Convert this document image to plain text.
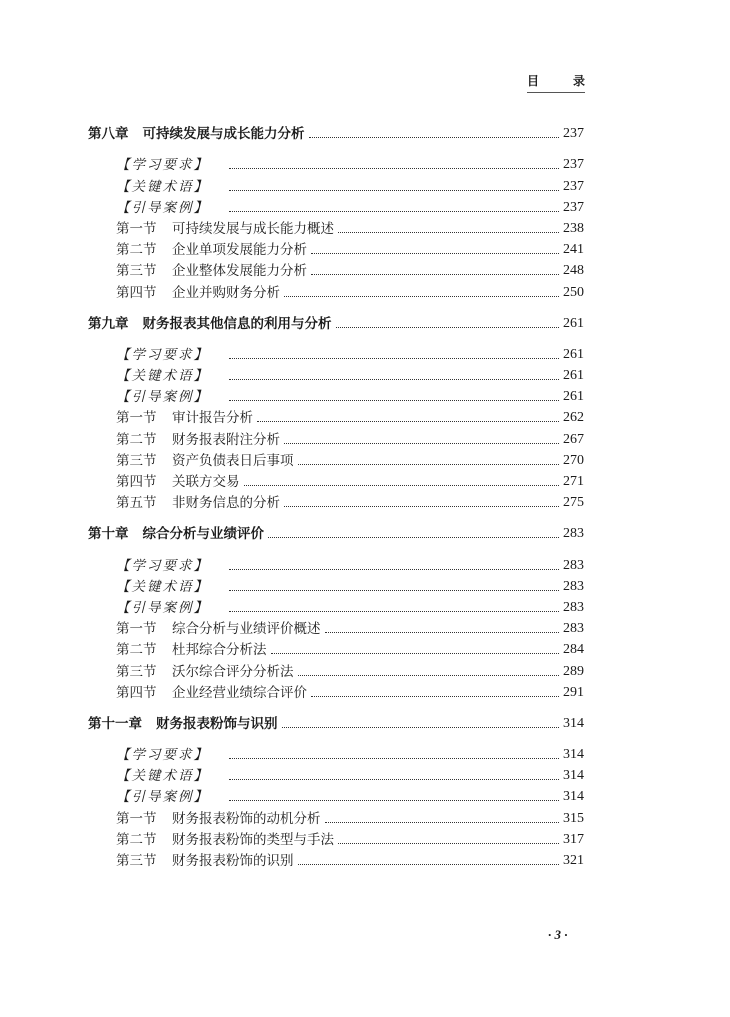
目	录
第八章 可持续发展与成长能力分析	237
【学习要求】	237
【关键术语】	237
【引导案例】	237
第一节	可持续发展与成长能力概述	238
第二节	企业单项发展能力分析	241
第三节	企业整体发展能力分析	248
第四节	企业并购财务分析	250
第九章 财务报表其他信息的利用与分析	261
【学习要求】	261
【关键术语】	261
【引导案例】	261
第一节	审计报告分析	262
第二节	财务报表附注分析	267
第三节	资产负债表日后事项	270
第四节	关联方交易	271
第五节	非财务信息的分析	275
第十章 综合分析与业绩评价	283
【学习要求】	283
【关键术语】	283
【引导案例】	283
第一节	综合分析与业绩评价概述	283
第二节	杜邦综合分析法	284
第三节	沃尔综合评分分析法	289
第四节	企业经营业绩综合评价	291
第十一章 财务报表粉饰与识别	314
【学习要求】	314
【关键术语】	314
【引导案例】	314
第一节	财务报表粉饰的动机分析	315
第二节	财务报表粉饰的类型与手法	317
第三节	财务报表粉饰的识别	321
· 3 ·
